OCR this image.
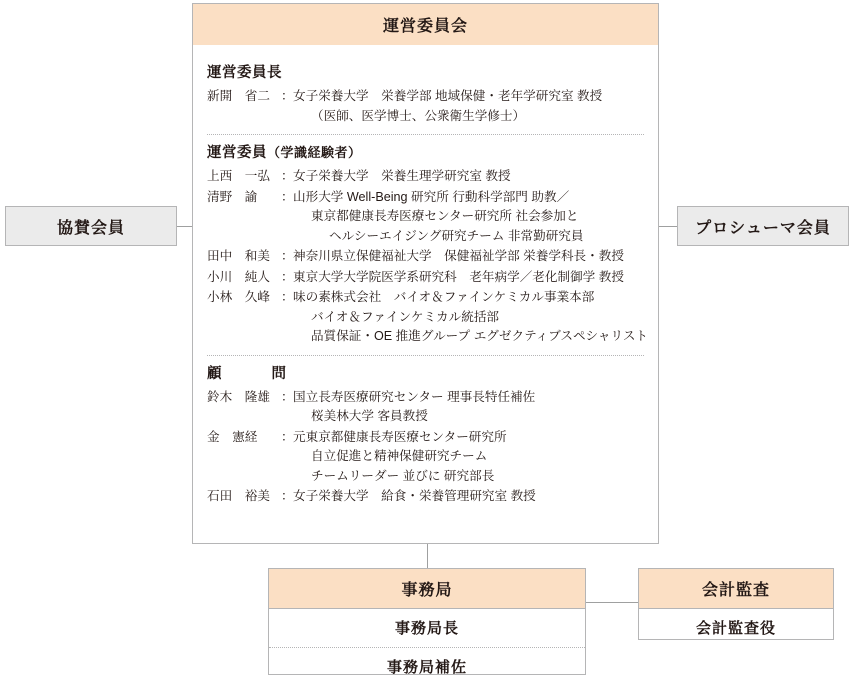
協賛会員	プロシューマ会員
運営委員会
運営委員長
新開　省二 ： 女子栄養大学　栄養学部 地域保健・老年学研究室 教授
（医師、医学博士、公衆衛生学修士）
運営委員（学識経験者）
上西　一弘 ： 女子栄養大学　栄養生理学研究室 教授
清野　諭	： 山形大学 Well-Being 研究所 行動科学部門 助教／
東京都健康長寿医療センター研究所 社会参加と
ヘルシーエイジング研究チーム 非常勤研究員
田中　和美 ： 神奈川県立保健福祉大学　保健福祉学部 栄養学科長・教授
小川　純人 ： 東京大学大学院医学系研究科　老年病学／老化制御学 教授
小林　久峰 ： 味の素株式会社　バイオ＆ファインケミカル事業本部
バイオ＆ファインケミカル統括部
品質保証・OE 推進グループ エグゼクティブスペシャリスト
顧　　問
鈴木　隆雄 ： 国立長寿医療研究センター 理事長特任補佐
桜美林大学 客員教授
金　憲経	： 元東京都健康長寿医療センター研究所
自立促進と精神保健研究チーム
チームリーダー 並びに 研究部長
石田　裕美 ： 女子栄養大学　給食・栄養管理研究室 教授
事務局
事務局長
事務局補佐
会計監査
会計監査役
